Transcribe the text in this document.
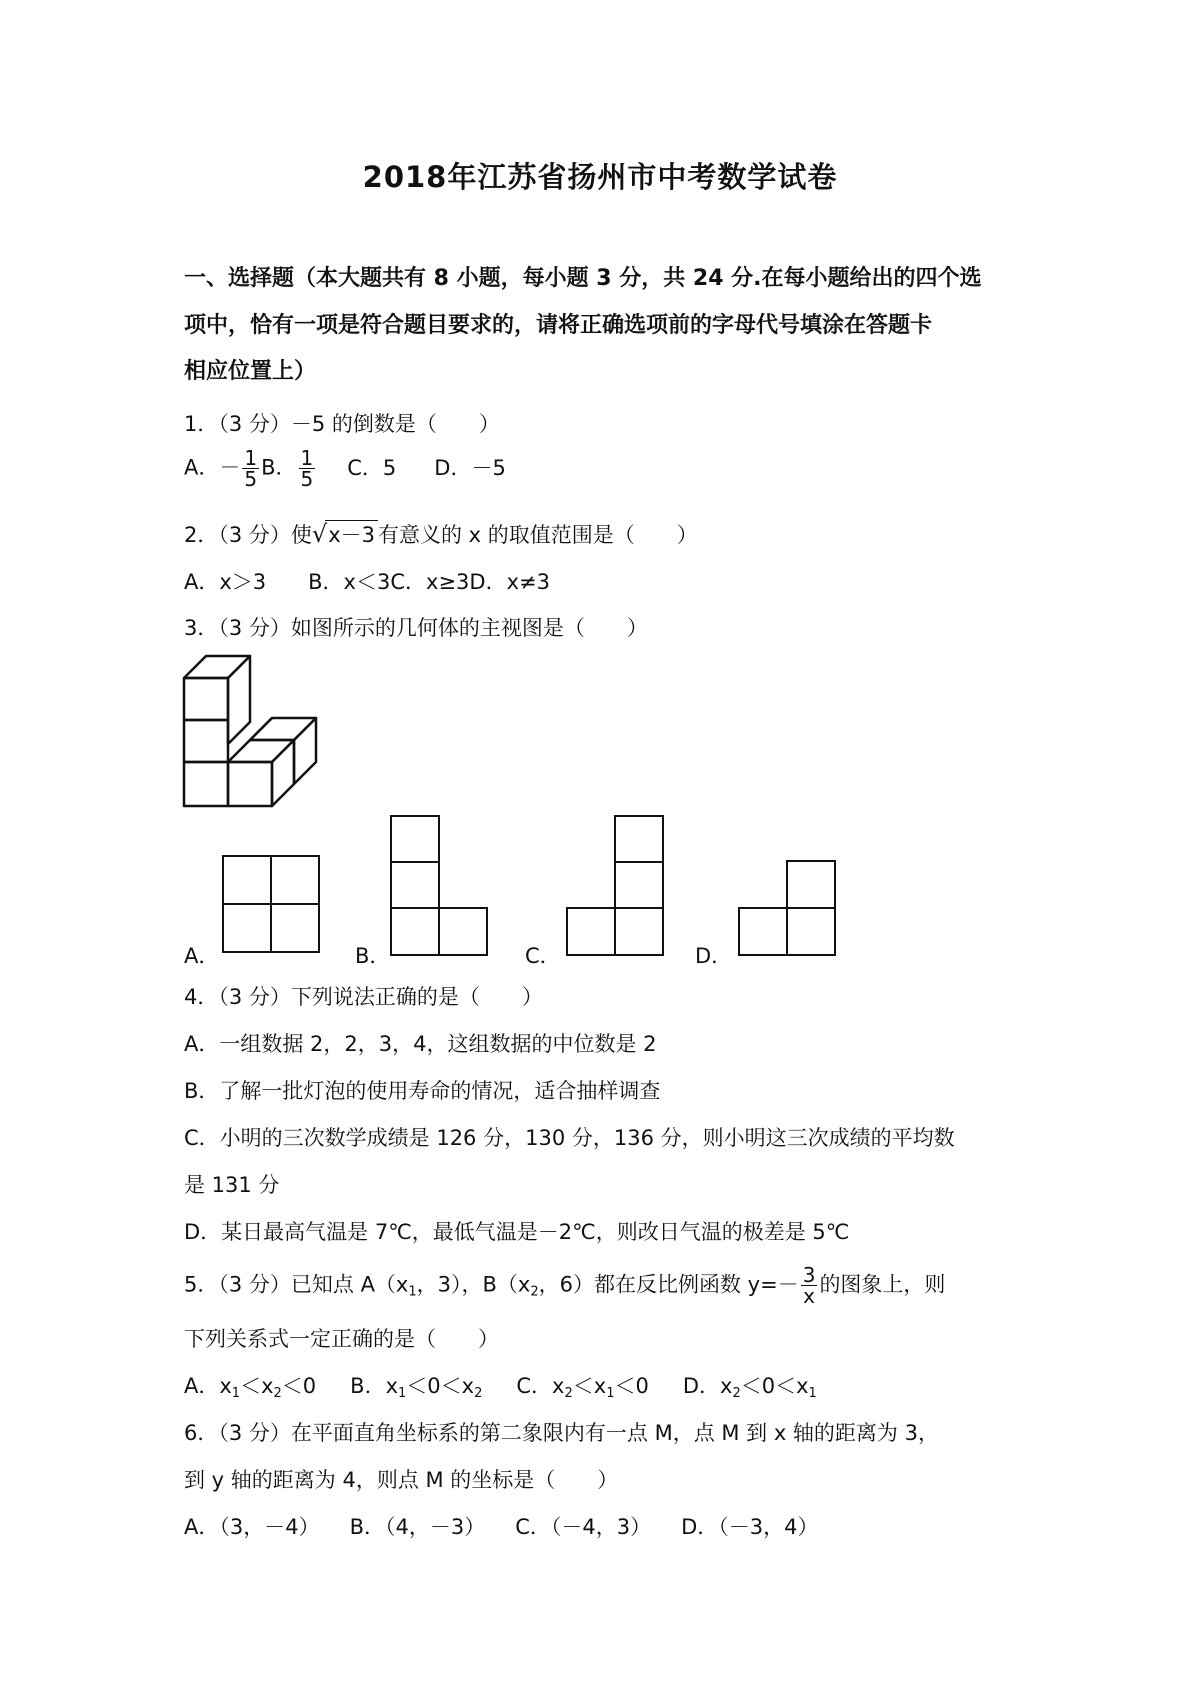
2018年江苏省扬州市中考数学试卷
一、选择题（本大题共有 8 小题，每小题 3 分，共 24 分.在每小题给出的四个选
项中，恰有一项是符合题目要求的，请将正确选项前的字母代号填涂在答题卡
相应位置上）
1．（3 分）－5 的倒数是（　　）
A．－ $\frac{1}{5}$ B． $\frac{1}{5}$ C．5 D．－5
2．（3 分）使√x－3 有意义的 x 的取值范围是（　　）
A．x＞3　　B．x＜3C．x≥3D．x≠3
3．（3 分）如图所示的几何体的主视图是（　　）
A．	B．	C．	D．
4．（3 分）下列说法正确的是（　　）
A．一组数据 2，2，3，4，这组数据的中位数是 2
B．了解一批灯泡的使用寿命的情况，适合抽样调查
C．小明的三次数学成绩是 126 分，130 分，136 分，则小明这三次成绩的平均数
是 131 分
D．某日最高气温是 7℃，最低气温是－2℃，则改日气温的极差是 5℃
5．（3 分）已知点 $A(x_1$，3），$B(x_2$，6）都在反比例函数 $y=- \frac{3}{x}$ 的图象上，则
下列关系式一定正确的是（　　）
A．$x_1<x_2<0$ B．$x_1<0<x_2$ C．$x_2<x_1<0$ D．$x_2<0<x_1$
6．（3 分）在平面直角坐标系的第二象限内有一点 M，点 M 到 x 轴的距离为 3，
到 y 轴的距离为 4，则点 M 的坐标是（　　）
A．（3，－4） B．（4，－3） C．（－4，3） D．（－3，4）
